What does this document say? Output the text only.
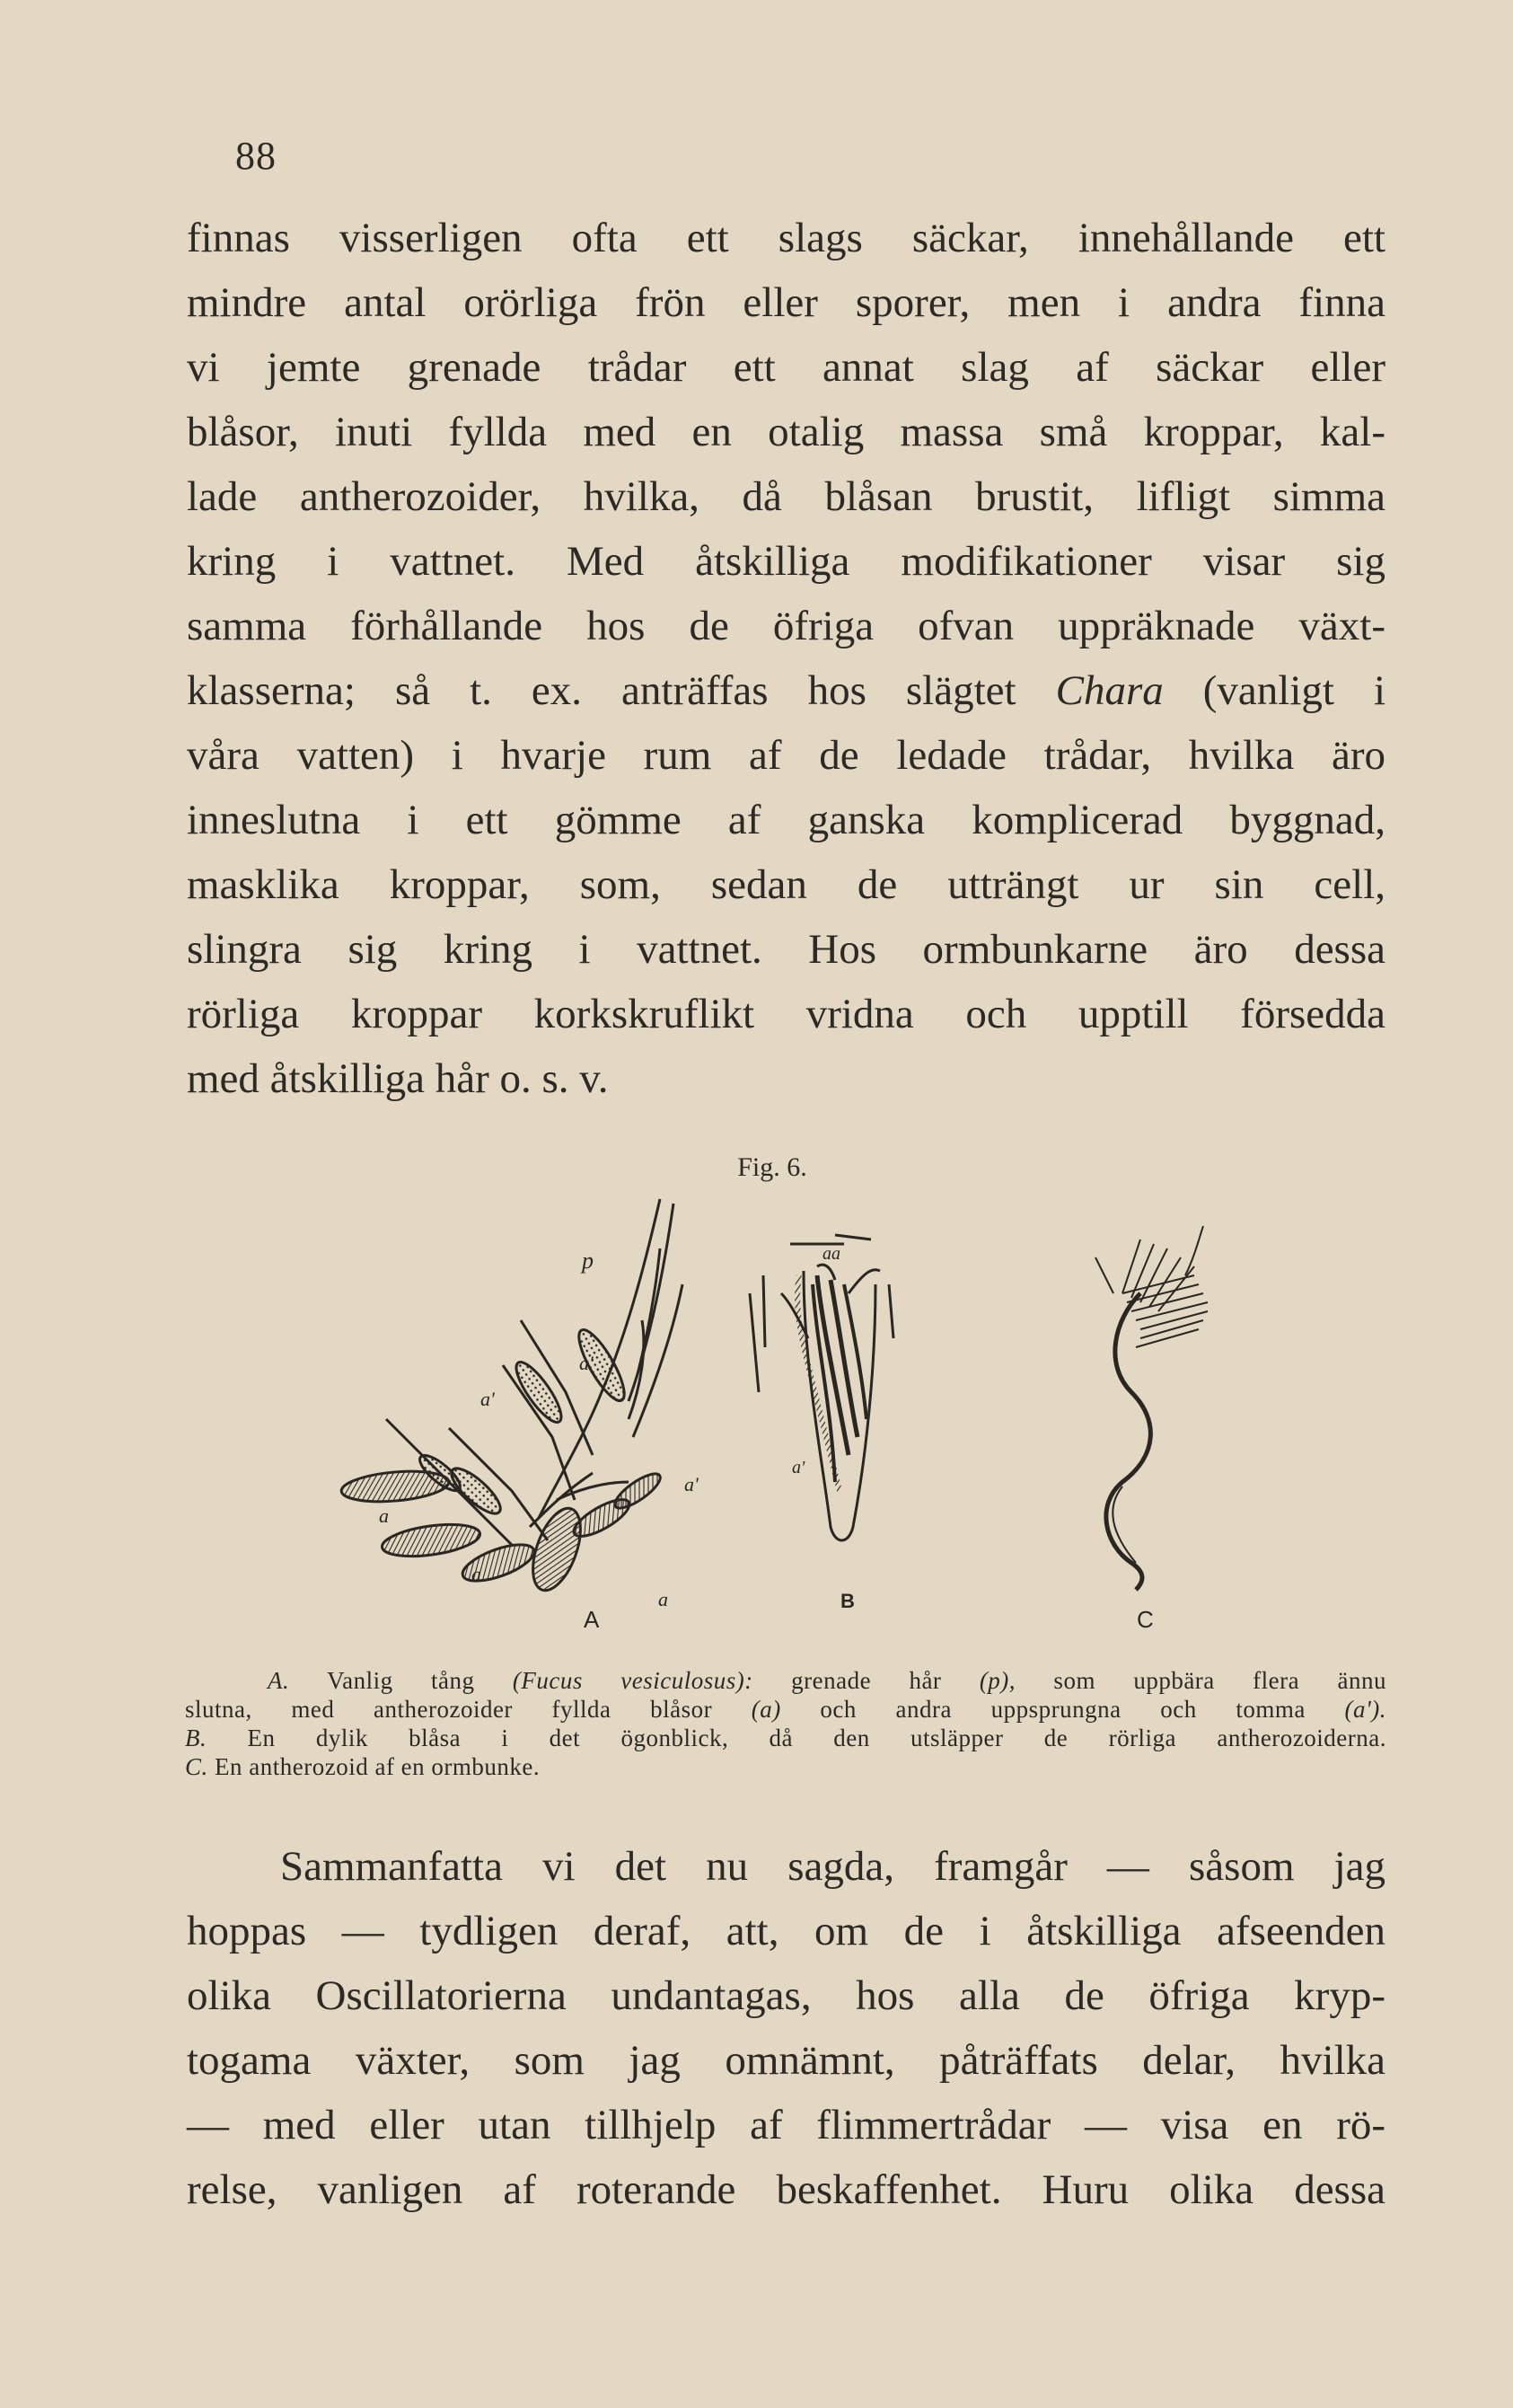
88
finnas visserligen ofta ett slags säckar, innehållande ett
mindre antal orörliga frön eller sporer, men i andra finna
vi jemte grenade trådar ett annat slag af säckar eller
blåsor, inuti fyllda med en otalig massa små kroppar, kal-
lade antherozoider, hvilka, då blåsan brustit, lifligt simma
kring i vattnet. Med åtskilliga modifikationer visar sig
samma förhållande hos de öfriga ofvan uppräknade växt-
klasserna; så t. ex. anträffas hos slägtet Chara (vanligt i
våra vatten) i hvarje rum af de ledade trådar, hvilka äro
inneslutna i ett gömme af ganska komplicerad byggnad,
masklika kroppar, som, sedan de utträngt ur sin cell,
slingra sig kring i vattnet. Hos ormbunkarne äro dessa
rörliga kroppar korkskruflikt vridna och upptill försedda
med åtskilliga hår o. s. v.
Fig. 6.
p
a'
a'
a'
a
a
a
A
aa
a'
B
C
A. Vanlig tång (Fucus vesiculosus): grenade hår (p), som uppbära flera ännu
slutna, med antherozoider fyllda blåsor (a) och andra uppsprungna och tomma (a').
B. En dylik blåsa i det ögonblick, då den utsläpper de rörliga antherozoiderna.
C. En antherozoid af en ormbunke.
Sammanfatta vi det nu sagda, framgår — såsom jag
hoppas — tydligen deraf, att, om de i åtskilliga afseenden
olika Oscillatorierna undantagas, hos alla de öfriga kryp-
togama växter, som jag omnämnt, påträffats delar, hvilka
— med eller utan tillhjelp af flimmertrådar — visa en rö-
relse, vanligen af roterande beskaffenhet. Huru olika dessa
